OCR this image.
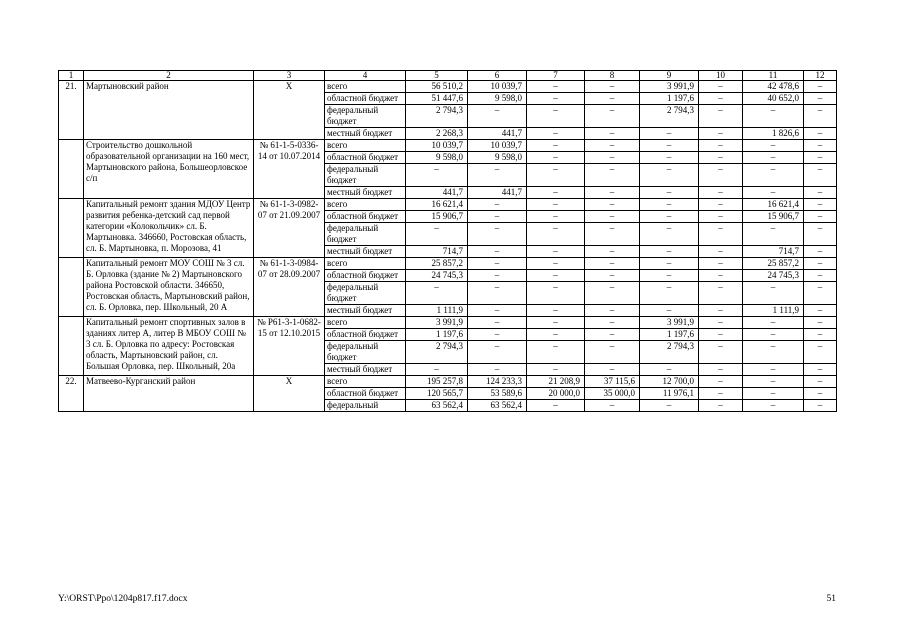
1	2	3	4	5	6	7	8	9	10	11	12
21.	Мартыновский район	Х	всего	56 510,2	10 039,7	–	–	3 991,9	–	42 478,6	–
			областной бюджет	51 447,6	9 598,0	–	–	1 197,6	–	40 652,0	–
			федеральный бюджет	2 794,3	–	–	–	2 794,3	–	–	–
			местный бюджет	2 268,3	441,7	–	–	–	–	1 826,6	–
	Строительство дошкольной образовательной организации на 160 мест, Мартыновского района, Большеорловское с/п	№ 61-1-5-0336-14 от 10.07.2014	всего	10 039,7	10 039,7	–	–	–	–	–	–
			областной бюджет	9 598,0	9 598,0	–	–	–	–	–	–
			федеральный бюджет	–	–	–	–	–	–	–	–
			местный бюджет	441,7	441,7	–	–	–	–	–	–
	Капитальный ремонт здания МДОУ Центр развития ребенка-детский сад первой категории «Колокольчик» сл. Б. Мартыновка. 346660, Ростовская область, сл. Б. Мартыновка, п. Морозова, 41	№ 61-1-3-0982-07 от 21.09.2007	всего	16 621,4	–	–	–	–	–	16 621,4	–
			областной бюджет	15 906,7	–	–	–	–	–	15 906,7	–
			федеральный бюджет	–	–	–	–	–	–	–	–
			местный бюджет	714,7	–	–	–	–	–	714,7	–
	Капитальный ремонт МОУ СОШ № 3 сл. Б. Орловка (здание № 2) Мартыновского района Ростовской области. 346650, Ростовская область, Мартыновский район, сл. Б. Орловка, пер. Школьный, 20 А	№ 61-1-3-0984-07 от 28.09.2007	всего	25 857,2	–	–	–	–	–	25 857,2	–
			областной бюджет	24 745,3	–	–	–	–	–	24 745,3	–
			федеральный бюджет	–	–	–	–	–	–	–	–
			местный бюджет	1 111,9	–	–	–	–	–	1 111,9	–
	Капитальный ремонт спортивных залов в зданиях литер А, литер В МБОУ СОШ № 3 сл. Б. Орловка по адресу: Ростовская область, Мартыновский район, сл. Большая Орловка, пер. Школьный, 20а	№ Р61-3-1-0682-15 от 12.10.2015	всего	3 991,9	–	–	–	3 991,9	–	–	–
			областной бюджет	1 197,6	–	–	–	1 197,6	–	–	–
			федеральный бюджет	2 794,3	–	–	–	2 794,3	–	–	–
			местный бюджет	–	–	–	–	–	–	–	–
22.	Матвеево-Курганский район	Х	всего	195 257,8	124 233,3	21 208,9	37 115,6	12 700,0	–	–	–
			областной бюджет	120 565,7	53 589,6	20 000,0	35 000,0	11 976,1	–	–	–
			федеральный	63 562,4	63 562,4	–	–	–	–	–	–
Y:\ORST\Ppo\1204p817.f17.docx	51
